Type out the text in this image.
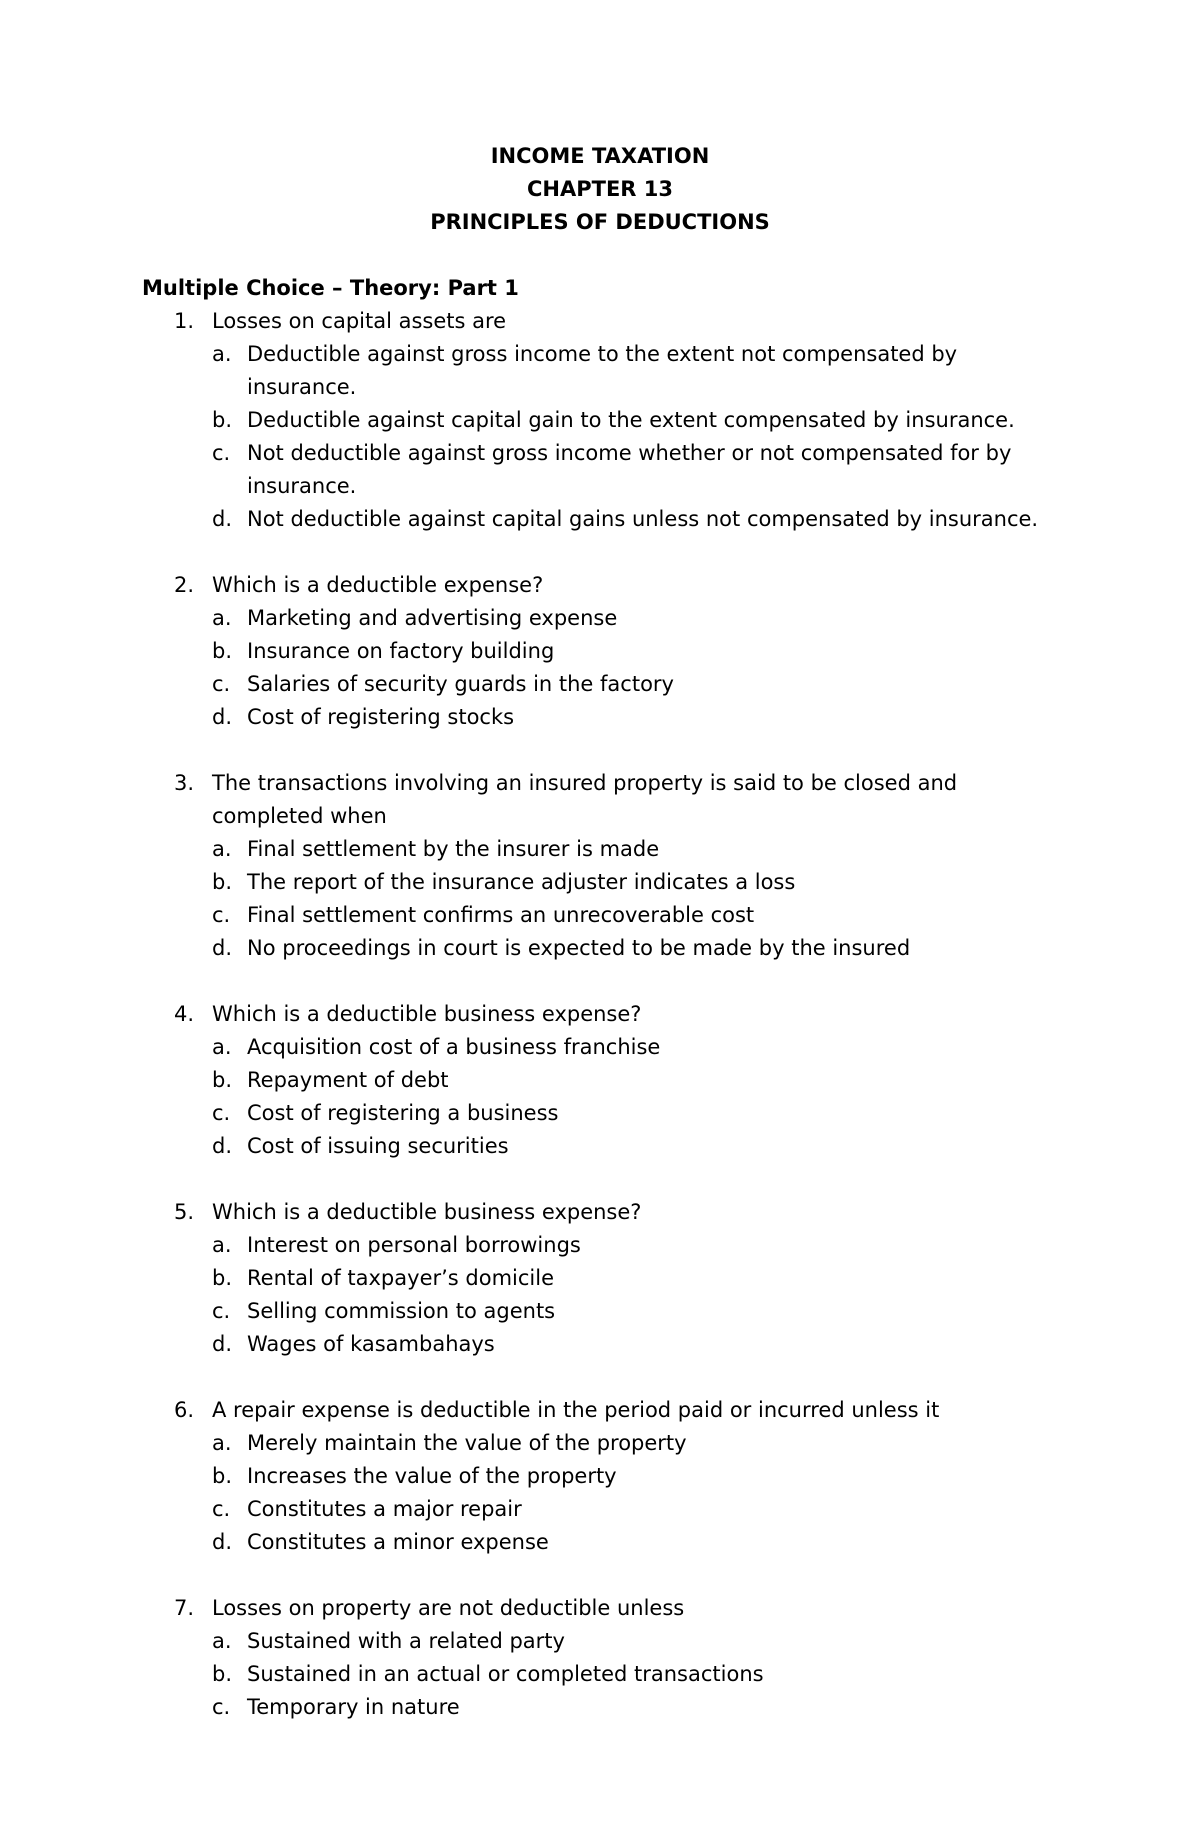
INCOME TAXATION
CHAPTER 13
PRINCIPLES OF DEDUCTIONS
Multiple Choice – Theory: Part 1
1. Losses on capital assets are
a. Deductible against gross income to the extent not compensated by insurance.
b. Deductible against capital gain to the extent compensated by insurance.
c. Not deductible against gross income whether or not compensated for by insurance.
d. Not deductible against capital gains unless not compensated by insurance.
2. Which is a deductible expense?
a. Marketing and advertising expense
b. Insurance on factory building
c. Salaries of security guards in the factory
d. Cost of registering stocks
3. The transactions involving an insured property is said to be closed and completed when
a. Final settlement by the insurer is made
b. The report of the insurance adjuster indicates a loss
c. Final settlement confirms an unrecoverable cost
d. No proceedings in court is expected to be made by the insured
4. Which is a deductible business expense?
a. Acquisition cost of a business franchise
b. Repayment of debt
c. Cost of registering a business
d. Cost of issuing securities
5. Which is a deductible business expense?
a. Interest on personal borrowings
b. Rental of taxpayer’s domicile
c. Selling commission to agents
d. Wages of kasambahays
6. A repair expense is deductible in the period paid or incurred unless it
a. Merely maintain the value of the property
b. Increases the value of the property
c. Constitutes a major repair
d. Constitutes a minor expense
7. Losses on property are not deductible unless
a. Sustained with a related party
b. Sustained in an actual or completed transactions
c. Temporary in nature
